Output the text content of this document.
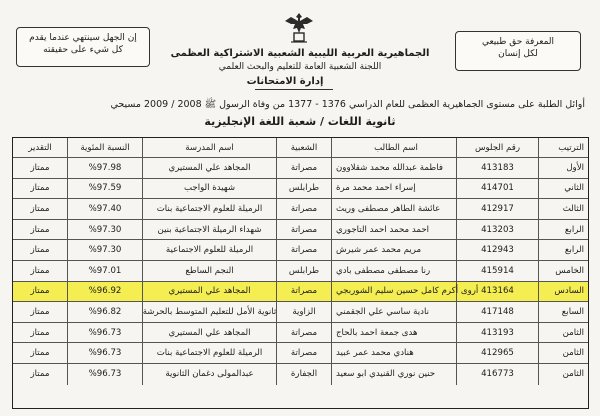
إن الجهل سينتهي عندما يقدم
كل شيء على حقيقته
المعرفة حق طبيعي
لكل إنسان
الجماهيرية العربية الليبية الشعبية الاشتراكية العظمى
اللجنة الشعبية العامة للتعليم والبحث العلمي
إدارة الامتحانات
أوائل الطلبة على مستوى الجماهيرية العظمى للعام الدراسي 1376 - 1377 من وفاة الرسول ﷺ 2008 / 2009 مسيحي
ثانوية اللغات / شعبة اللغة الإنجليزية
الترتيب
رقم الجلوس
اسم الطالب
الشعبية
اسم المدرسة
النسبة المئوية
التقدير
الأول
413183
فاطمة عبدالله محمد شقلاوون
مصراتة
المجاهد علي المستيري
%97.98
ممتاز
الثاني
414701
إسراء احمد محمد مرة
طرابلس
شهيدة الواجب
%97.59
ممتاز
الثالث
412917
عائشة الطاهر مصطفى وريث
مصراتة
الرميلة للعلوم الاجتماعية بنات
%97.40
ممتاز
الرابع
413203
احمد محمد احمد التاجوري
مصراتة
شهداء الرميلة الاجتماعية بنين
%97.30
ممتاز
الرابع
412943
مريم محمد عمر شيرش
مصراتة
الرميلة للعلوم الاجتماعية
%97.30
ممتاز
الخامس
415914
رنا مصطفى مصطفى بادي
طرابلس
النجم الساطع
%97.01
ممتاز
السادس
413164
أروى أكرم كامل حسين سليم الشوربجي
مصراتة
المجاهد علي المستيري
%96.92
ممتاز
السابع
417148
نادية ساسي علي الجقمني
الزاوية
ثانوية الأمل للتعليم المتوسط بالحرشة
%96.82
ممتاز
الثامن
413193
هدى جمعة احمد بالحاج
مصراتة
المجاهد علي المستيري
%96.73
ممتاز
الثامن
412965
هنادي محمد عمر عبيد
مصراتة
الرميلة للعلوم الاجتماعية بنات
%96.73
ممتاز
الثامن
416773
حنين نوري القنيدي ابو سعيد
الجفارة
عبدالمولى دغمان الثانوية
%96.73
ممتاز
